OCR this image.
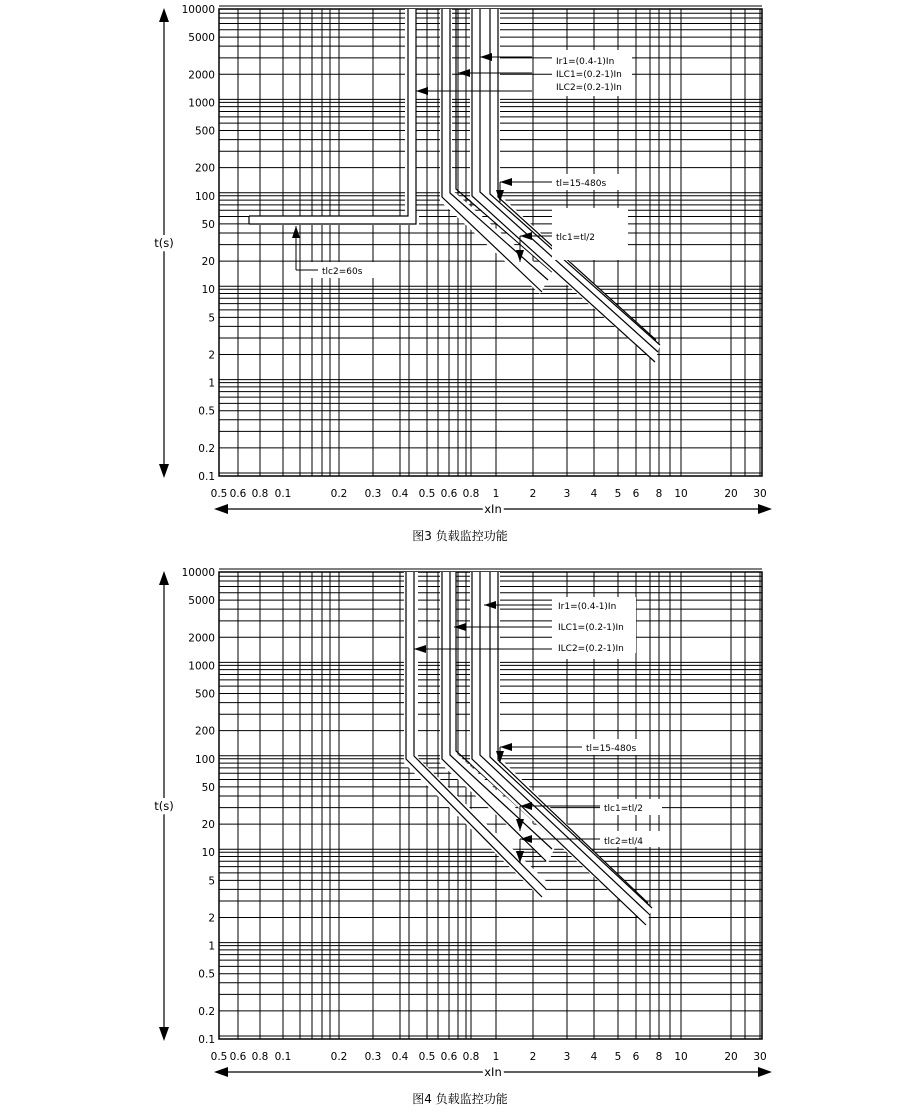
10000
5000
2000
1000
500
200
100
50
20
10
5
2
1
0.5
0.2
0.1
0.5 0.6 0.8 0.1	0.2 0.3 0.4 0.5 0.6 0.8 1	2	3 4 5 6 8 10	20 30
t(s)
xIn
Ir1=(0.4-1)In
ILC1=(0.2-1)In
ILC2=(0.2-1)In
tl=15-480s
tlc1=tl/2
tlc2=60s
图3 负载监控功能
10000
5000
2000
1000
500
200
100
50
20
10
5
2
1
0.5
0.2
0.1
0.5 0.6 0.8 0.1	0.2 0.3 0.4 0.5 0.6 0.8 1	2	3 4 5 6 8 10	20 30
t(s)
xIn
Ir1=(0.4-1)In
ILC1=(0.2-1)In
ILC2=(0.2-1)In
tl=15-480s
tlc1=tl/2
tlc2=tl/4
图4 负载监控功能
